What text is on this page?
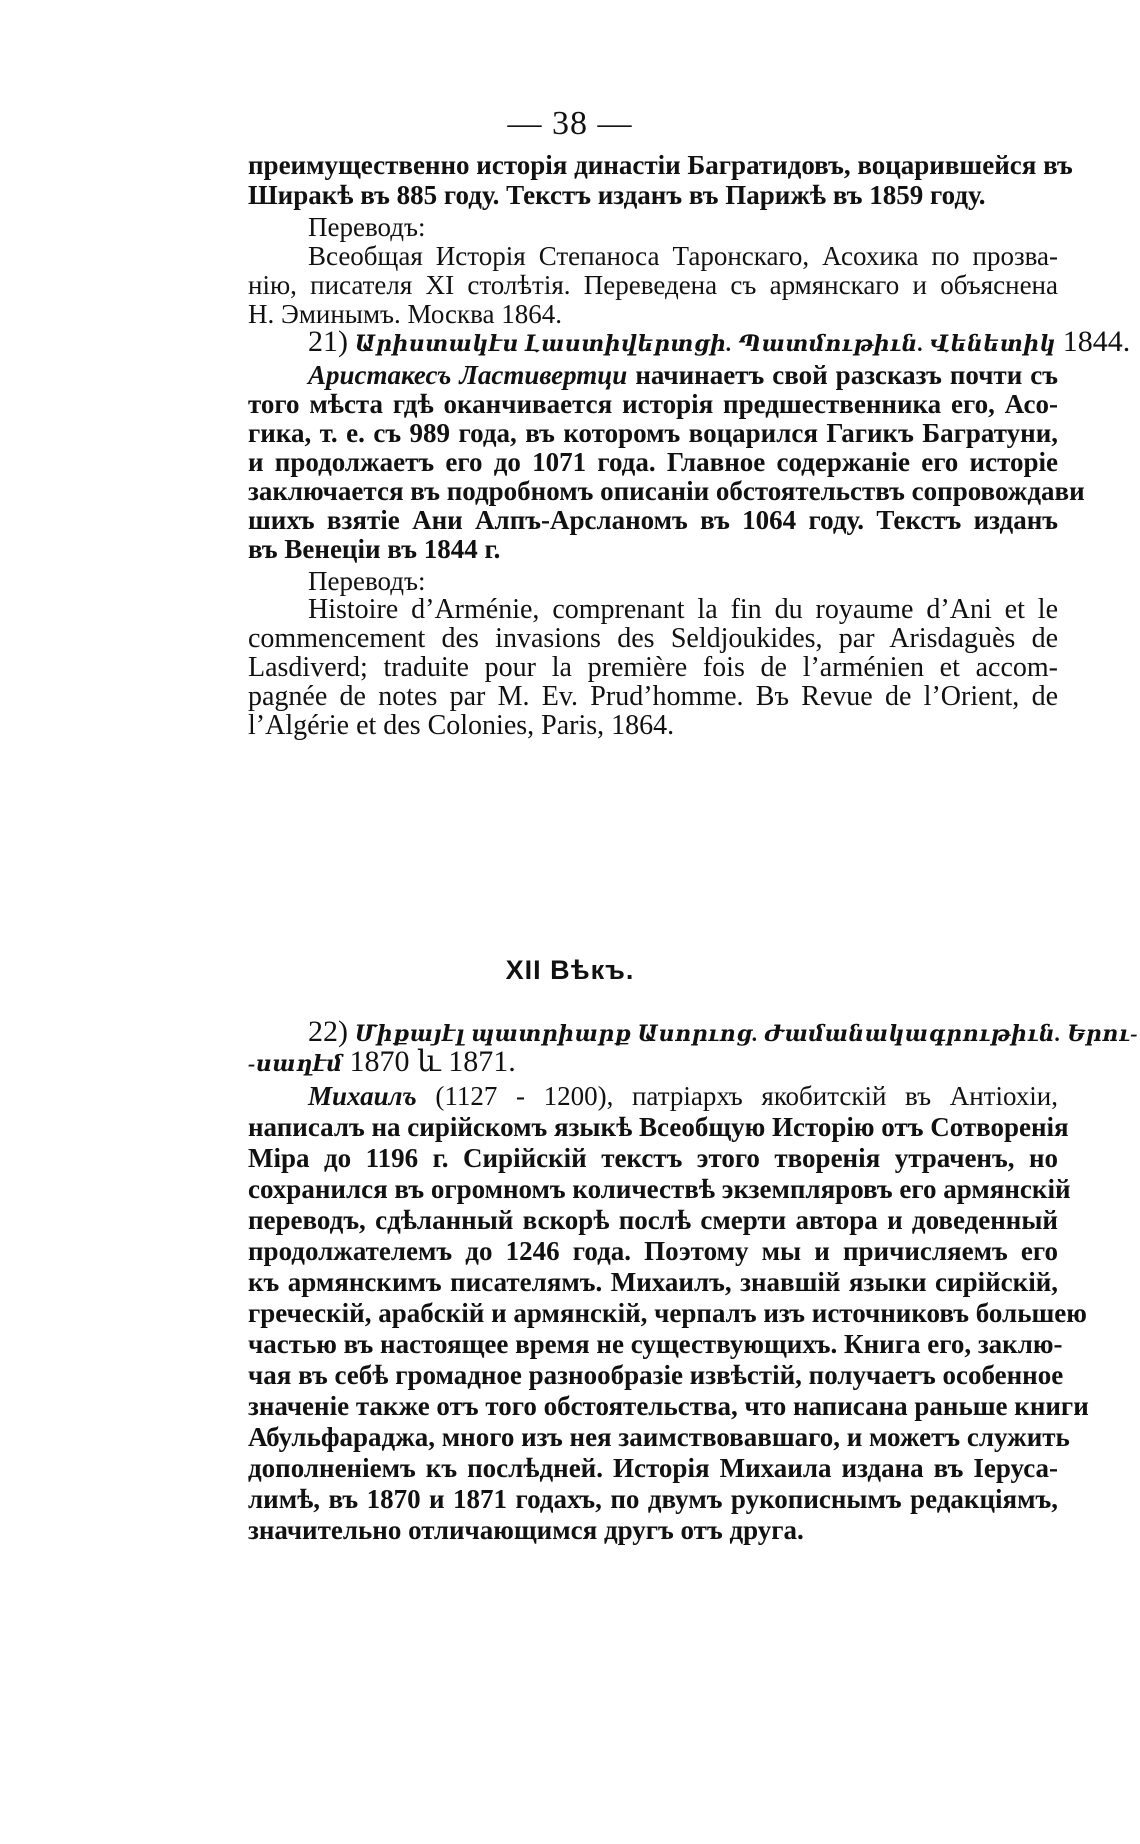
— 38 —
преимущественно исторія династіи Багратидовъ, воцарившейся въ
Ширакѣ въ 885 году. Текстъ изданъ въ Парижѣ въ 1859 году.
Переводъ:
Всеобщая Исторія Степаноса Таронскаго, Асохика по прозва-
нію, писателя XI столѣтія. Переведена съ армянскаго и объяснена
Н. Эминымъ. Москва 1864.
21) Արիստակէս Լաստիվերտցի. Պատմութիւն. Վենետիկ 1844.
Аристакесъ Ластивертци начинаетъ свой разсказъ почти съ
того мѣста гдѣ оканчивается исторія предшественника его, Асо-
гика, т. е. съ 989 года, въ которомъ воцарился Гагикъ Багратуни,
и продолжаетъ его до 1071 года. Главное содержаніе его исторіе
заключается въ подробномъ описаніи обстоятельствъ сопровождави
шихъ взятіе Ани Алпъ-Арсланомъ въ 1064 году. Текстъ изданъ
въ Венеціи въ 1844 г.
Переводъ:
Histoire d’Arménie, comprenant la fin du royaume d’Ani et le
commencement des invasions des Seldjoukides, par Arisdaguès de
Lasdiverd; traduite pour la première fois de l’arménien et accom-
pagnée de notes par M. Ev. Prud’homme. Въ Revue de l’Orient, de
l’Algérie et des Colonies, Paris, 1864.
22) Միքայէլ պատրիարք Ասորւոց. Ժամանակագրութիւն. Երու-
-սաղէմ 1870 և 1871.
Михаилъ (1127 - 1200), патріархъ якобитскій въ Антіохіи,
написалъ на сирійскомъ языкѣ Всеобщую Исторію отъ Сотворенія
Міра до 1196 г. Сирійскій текстъ этого творенія утраченъ, но
сохранился въ огромномъ количествѣ экземпляровъ его армянскій
переводъ, сдѣланный вскорѣ послѣ смерти автора и доведенный
продолжателемъ до 1246 года. Поэтому мы и причисляемъ его
къ армянскимъ писателямъ. Михаилъ, знавшій языки сирійскій,
греческій, арабскій и армянскій, черпалъ изъ источниковъ большею
частью въ настоящее время не существующихъ. Книга его, заклю-
чая въ себѣ громадное разнообразіе извѣстій, получаетъ особенное
значеніе также отъ того обстоятельства, что написана раньше книги
Абульфараджа, много изъ нея заимствовавшаго, и можетъ служить
дополненіемъ къ послѣдней. Исторія Михаила издана въ Іеруса-
лимѣ, въ 1870 и 1871 годахъ, по двумъ рукописнымъ редакціямъ,
значительно отличающимся другъ отъ друга.
XII Вѣкъ.
